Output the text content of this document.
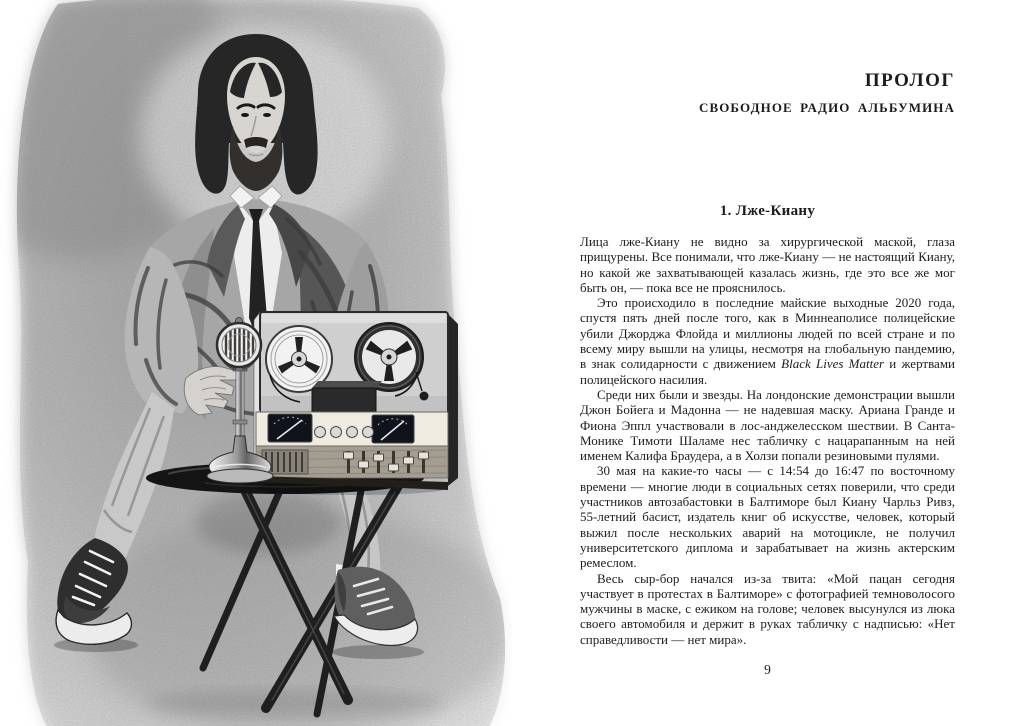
ПРОЛОГ
СВОБОДНОЕ РАДИО АЛЬБУМИНА
1. Лже-Киану

Лица лже-Киану не видно за хирургической маской, глаза прищурены. Все понимали, что лже-Киану — не настоящий Киану, но какой же захватывающей казалась жизнь, где это все же мог быть он, — пока все не прояснилось.

Это происходило в последние майские выходные 2020 года, спустя пять дней после того, как в Миннеаполисе полицейские убили Джорджа Флойда и миллионы людей по всей стране и по всему миру вышли на улицы, несмотря на глобальную пандемию, в знак солидарности с движением Black Lives Matter и жертвами полицейского насилия.

Среди них были и звезды. На лондонские демонстрации вышли Джон Бойега и Мадонна — не надевшая маску. Ариана Гранде и Фиона Эппл участвовали в лос-анджелесском шествии. В Санта-Монике Тимоти Шаламе нес табличку с нацарапанным на ней именем Калифа Браудера, а в Холзи попали резиновыми пулями.

30 мая на какие-то часы — с 14:54 до 16:47 по восточному времени — многие люди в социальных сетях поверили, что среди участников автозабастовки в Балтиморе был Киану Чарльз Ривз, 55-летний басист, издатель книг об искусстве, человек, который выжил после нескольких аварий на мотоцикле, не получил университетского диплома и зарабатывает на жизнь актерским ремеслом.

Весь сыр-бор начался из-за твита: «Мой пацан сегодня участвует в протестах в Балтиморе» с фотографией темноволосого мужчины в маске, с ежиком на голове; человек высунулся из люка своего автомобиля и держит в руках табличку с надписью: «Нет справедливости — нет мира».

9
